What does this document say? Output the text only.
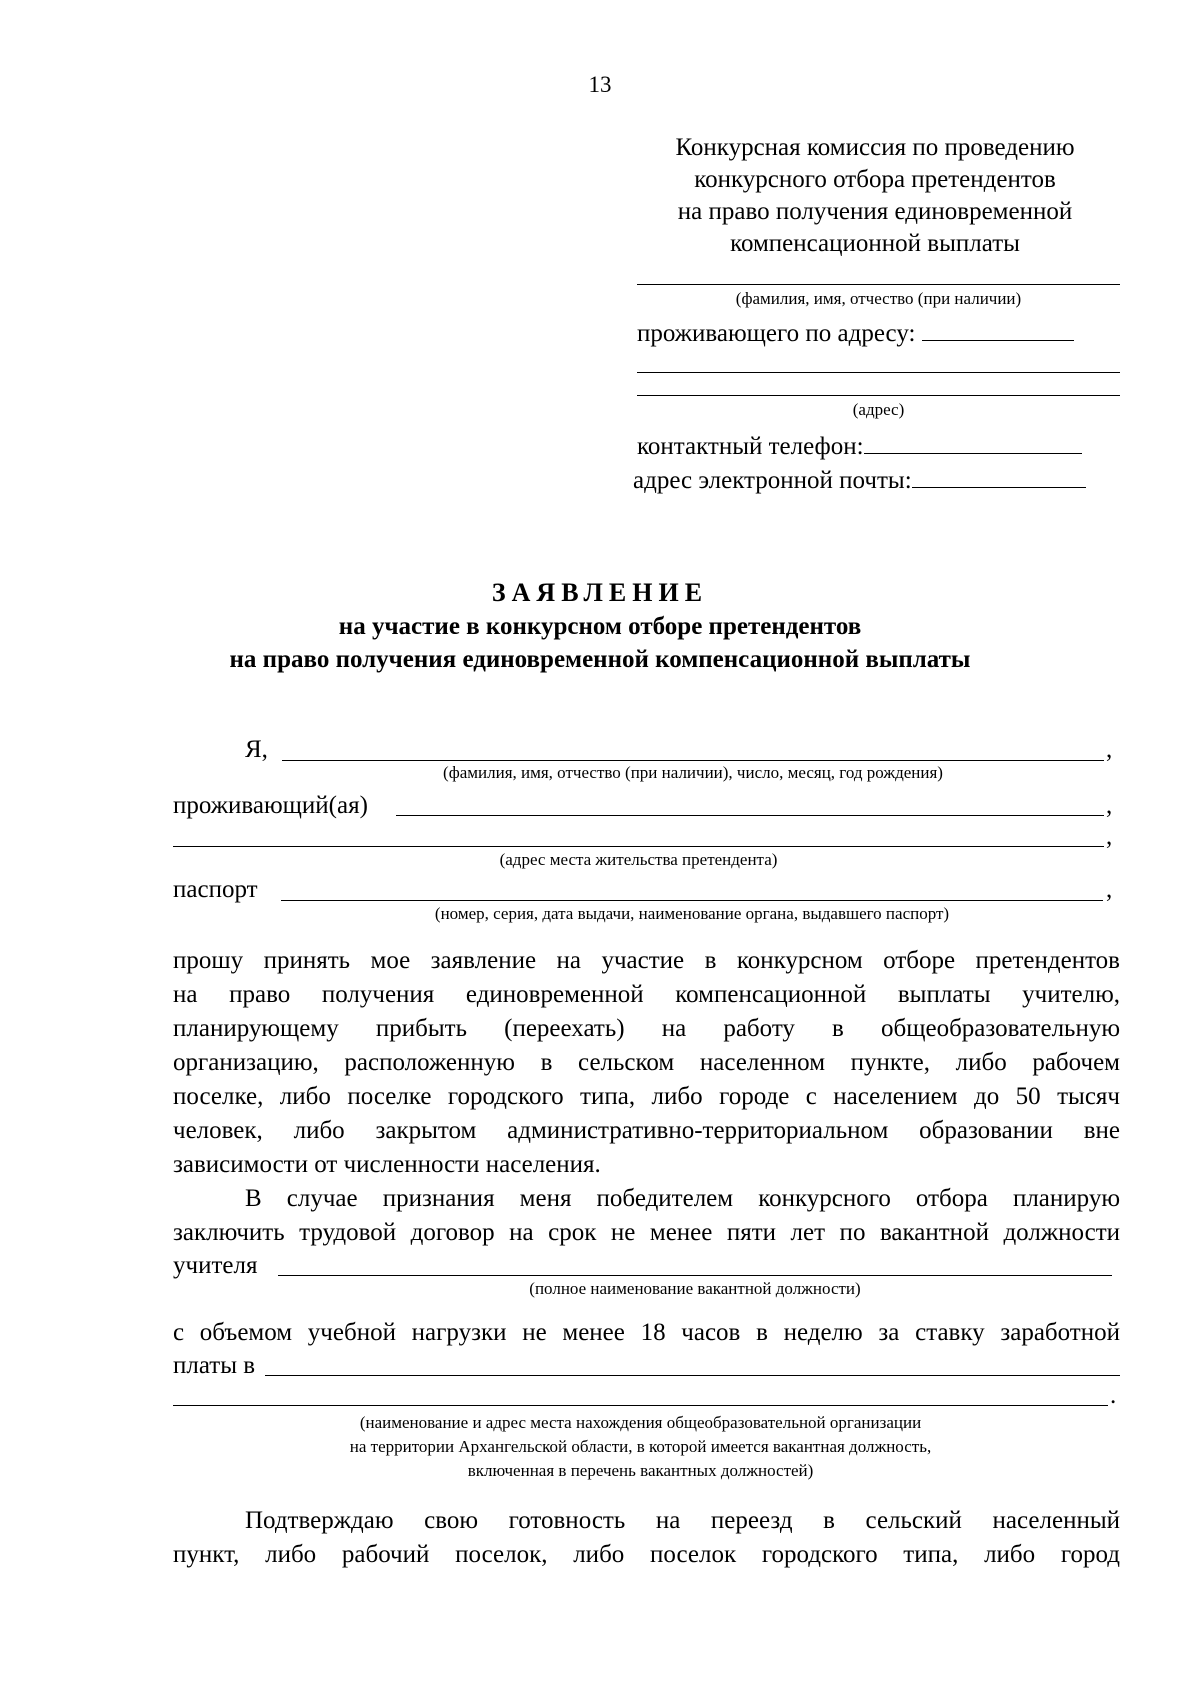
13
Конкурсная комиссия по проведению
конкурсного отбора претендентов
на право получения единовременной
компенсационной выплаты
(фамилия, имя, отчество (при наличии)
проживающего по адресу:
(адрес)
контактный телефон:
адрес электронной почты:
ЗАЯВЛЕНИЕ
на участие в конкурсном отборе претендентов
на право получения единовременной компенсационной выплаты
Я,	,
(фамилия, имя, отчество (при наличии), число, месяц, год рождения)
проживающий(ая)	,
,
(адрес места жительства претендента)
паспорт	,
(номер, серия, дата выдачи, наименование органа, выдавшего паспорт)
прошу принять мое заявление на участие в конкурсном отборе претендентов
на право получения единовременной компенсационной выплаты учителю,
планирующему прибыть (переехать) на работу в общеобразовательную
организацию, расположенную в сельском населенном пункте, либо рабочем
поселке, либо поселке городского типа, либо городе с населением до 50 тысяч
человек, либо закрытом административно-территориальном образовании вне
зависимости от численности населения.
В случае признания меня победителем конкурсного отбора планирую
заключить трудовой договор на срок не менее пяти лет по вакантной должности
учителя
(полное наименование вакантной должности)
с объемом учебной нагрузки не менее 18 часов в неделю за ставку заработной
платы в
.
(наименование и адрес места нахождения общеобразовательной организации
на территории Архангельской области, в которой имеется вакантная должность,
включенная в перечень вакантных должностей)
Подтверждаю свою готовность на переезд в сельский населенный
пункт, либо рабочий поселок, либо поселок городского типа, либо город
